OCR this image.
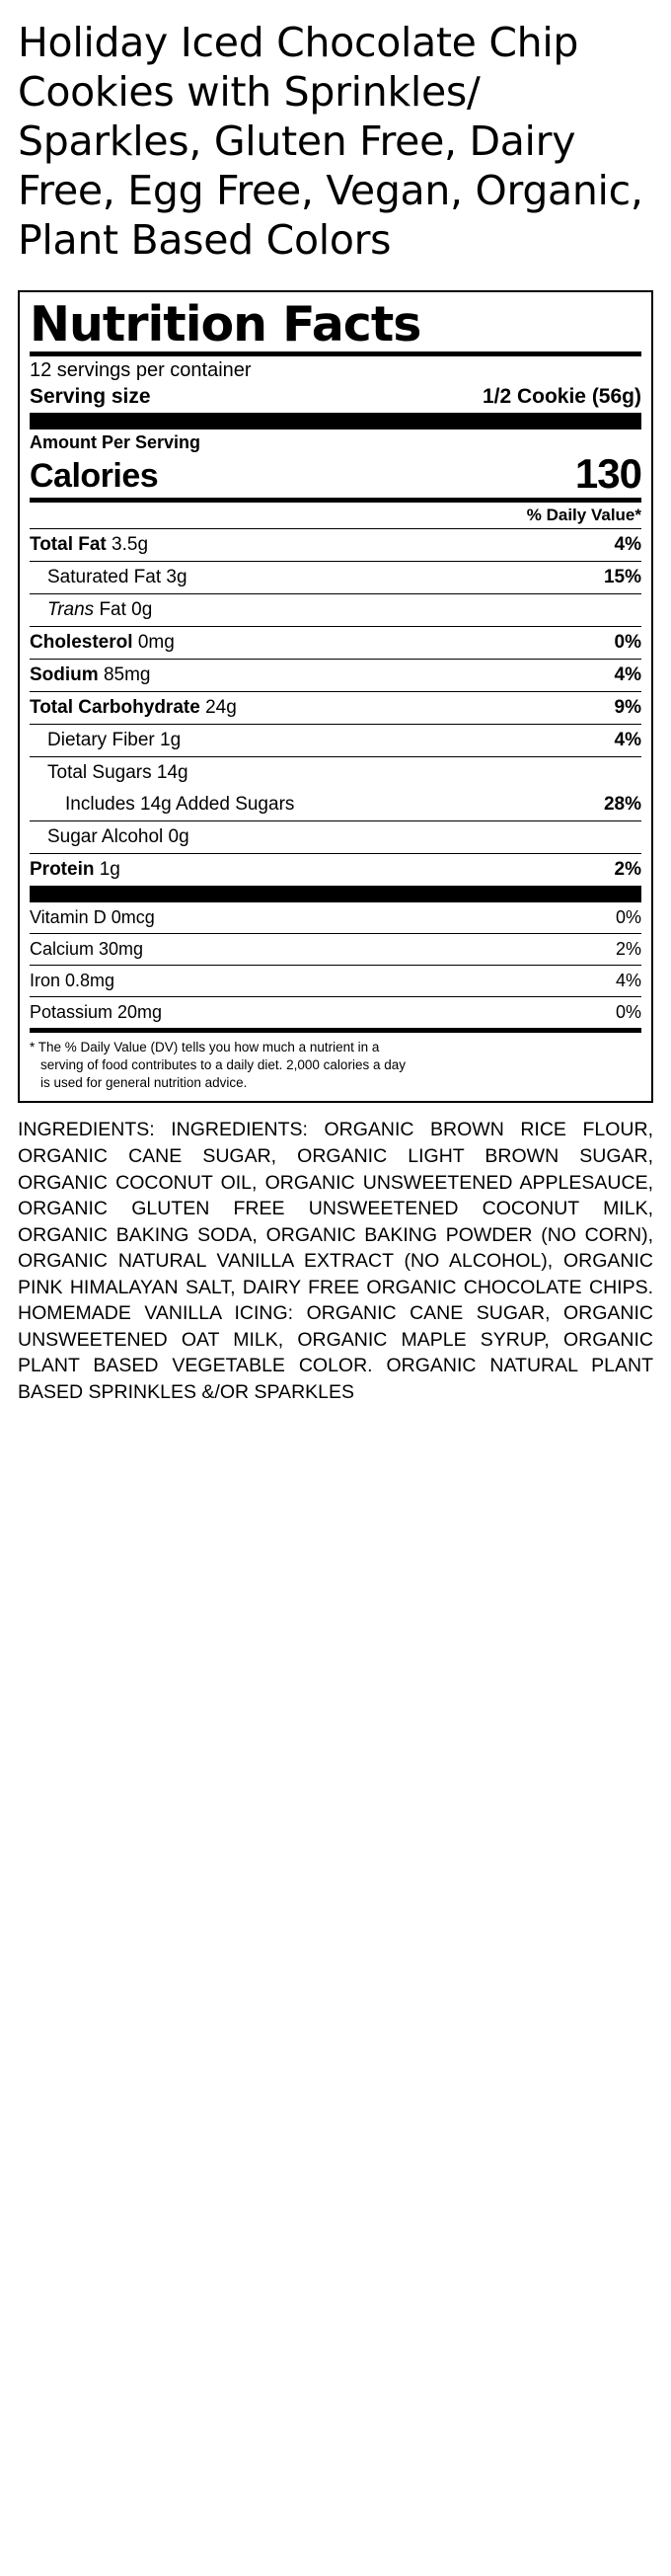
Holiday Iced Chocolate Chip Cookies with Sprinkles/ Sparkles, Gluten Free, Dairy Free, Egg Free, Vegan, Organic, Plant Based Colors
Nutrition Facts
12 servings per container
Serving size	1/2 Cookie (56g)
Amount Per Serving
Calories	130
% Daily Value*
Total Fat 3.5g	4%
Saturated Fat 3g	15%
Trans Fat 0g
Cholesterol 0mg	0%
Sodium 85mg	4%
Total Carbohydrate 24g	9%
Dietary Fiber 1g	4%
Total Sugars 14g
Includes 14g Added Sugars	28%
Sugar Alcohol 0g
Protein 1g	2%
Vitamin D 0mcg	0%
Calcium 30mg	2%
Iron 0.8mg	4%
Potassium 20mg	0%
* The % Daily Value (DV) tells you how much a nutrient in a
serving of food contributes to a daily diet. 2,000 calories a day
is used for general nutrition advice.

INGREDIENTS: INGREDIENTS: ORGANIC BROWN RICE FLOUR, ORGANIC CANE SUGAR, ORGANIC LIGHT BROWN SUGAR, ORGANIC COCONUT OIL, ORGANIC UNSWEETENED APPLESAUCE, ORGANIC GLUTEN FREE UNSWEETENED COCONUT MILK, ORGANIC BAKING SODA, ORGANIC BAKING POWDER (NO CORN), ORGANIC NATURAL VANILLA EXTRACT (NO ALCOHOL), ORGANIC PINK HIMALAYAN SALT, DAIRY FREE ORGANIC CHOCOLATE CHIPS. HOMEMADE VANILLA ICING: ORGANIC CANE SUGAR, ORGANIC UNSWEETENED OAT MILK, ORGANIC MAPLE SYRUP, ORGANIC PLANT BASED VEGETABLE COLOR. ORGANIC NATURAL PLANT BASED SPRINKLES &/OR SPARKLES
